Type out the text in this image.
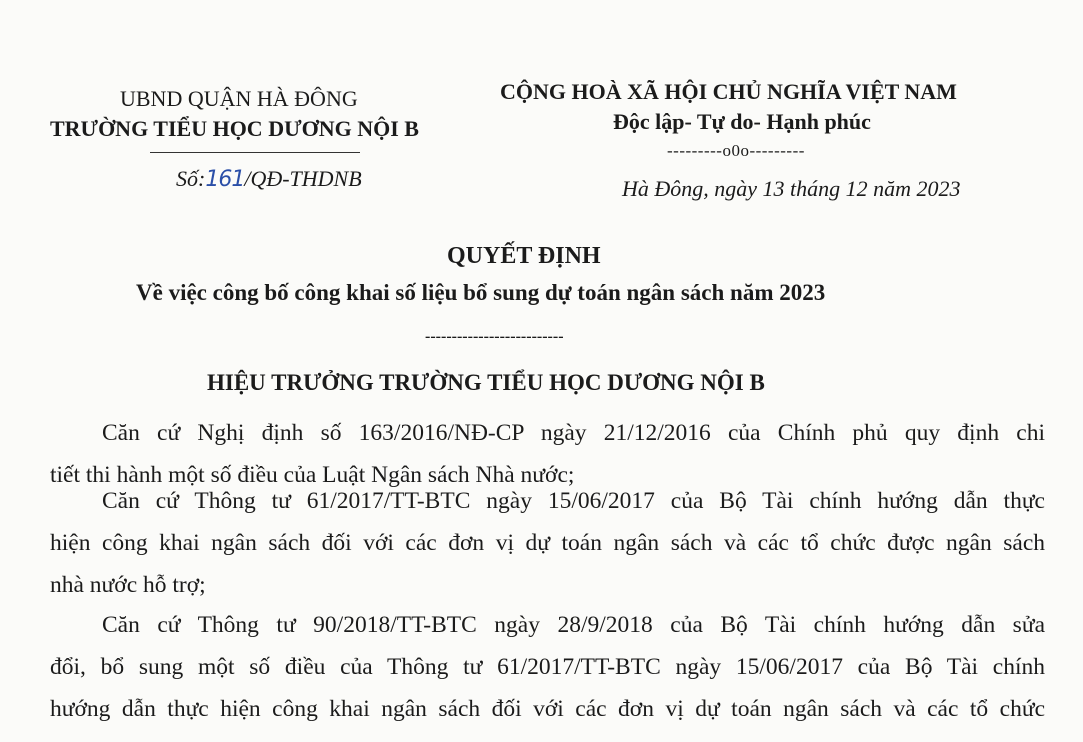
UBND QUẬN HÀ ĐÔNG
TRƯỜNG TIỂU HỌC DƯƠNG NỘI B
Số:161/QĐ-THDNB
CỘNG HOÀ XÃ HỘI CHỦ NGHĨA VIỆT NAM
Độc lập- Tự do- Hạnh phúc
---------o0o---------
Hà Đông, ngày 13 tháng 12 năm 2023
QUYẾT ĐỊNH
Về việc công bố công khai số liệu bổ sung dự toán ngân sách năm 2023
--------------------------
HIỆU TRƯỞNG TRƯỜNG TIỂU HỌC DƯƠNG NỘI B
Căn cứ Nghị định số 163/2016/NĐ-CP ngày 21/12/2016 của Chính phủ quy định chi
tiết thi hành một số điều của Luật Ngân sách Nhà nước;
Căn cứ Thông tư 61/2017/TT-BTC ngày 15/06/2017 của Bộ Tài chính hướng dẫn thực
hiện công khai ngân sách đối với các đơn vị dự toán ngân sách và các tổ chức được ngân sách
nhà nước hỗ trợ;
Căn cứ Thông tư 90/2018/TT-BTC ngày 28/9/2018 của Bộ Tài chính hướng dẫn sửa
đổi, bổ sung một số điều của Thông tư 61/2017/TT-BTC ngày 15/06/2017 của Bộ Tài chính
hướng dẫn thực hiện công khai ngân sách đối với các đơn vị dự toán ngân sách và các tổ chức
